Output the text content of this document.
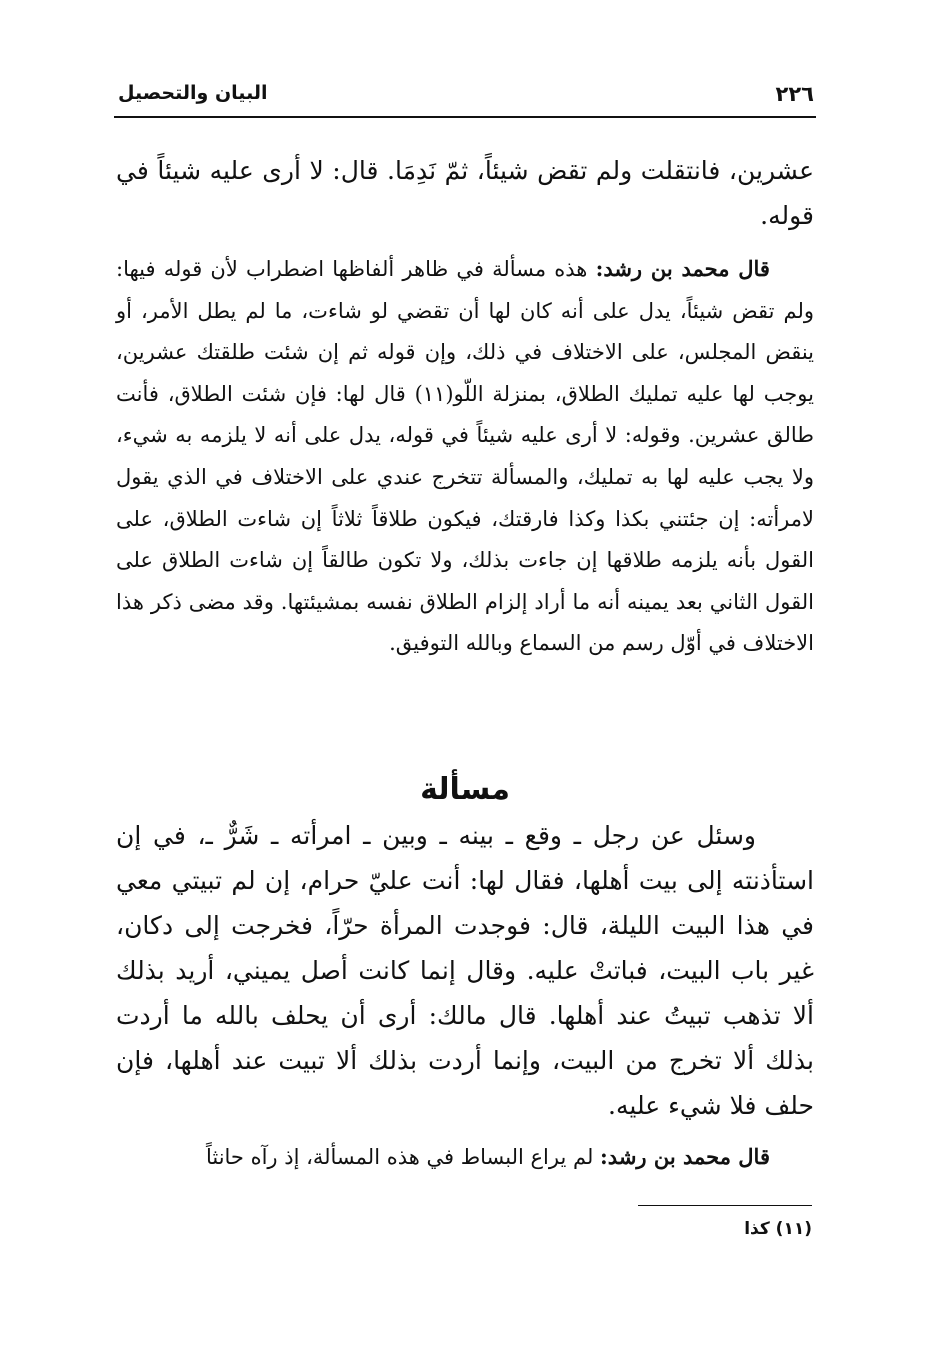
٢٢٦
البيان والتحصيل

عشرين، فانتقلت ولم تقض شيئاً، ثمّ نَدِمَا. قال: لا أرى عليه شيئاً في قوله.

قال محمد بن رشد: هذه مسألة في ظاهر ألفاظها اضطراب لأن قوله فيها: ولم تقض شيئاً، يدل على أنه كان لها أن تقضي لو شاءت، ما لم يطل الأمر، أو ينقض المجلس، على الاختلاف في ذلك، وإن قوله ثم إن شئت طلقتك عشرين، يوجب لها عليه تمليك الطلاق، بمنزلة اللّو(١١) قال لها: فإن شئت الطلاق، فأنت طالق عشرين. وقوله: لا أرى عليه شيئاً في قوله، يدل على أنه لا يلزمه به شيء، ولا يجب عليه لها به تمليك، والمسألة تتخرج عندي على الاختلاف في الذي يقول لامرأته: إن جئتني بكذا وكذا فارقتك، فيكون طلاقاً ثلاثاً إن شاءت الطلاق، على القول بأنه يلزمه طلاقها إن جاءت بذلك، ولا تكون طالقاً إن شاءت الطلاق على القول الثاني بعد يمينه أنه ما أراد إلزام الطلاق نفسه بمشيئتها. وقد مضى ذكر هذا الاختلاف في أوّل رسم من السماع وبالله التوفيق.

مسألة

وسئل عن رجل ـ وقع ـ بينه ـ وبين ـ امرأته ـ شَرٌّ ـ، في إن استأذنته إلى بيت أهلها، فقال لها: أنت عليّ حرام، إن لم تبيتي معي في هذا البيت الليلة، قال: فوجدت المرأة حرّاً، فخرجت إلى دكان، غير باب البيت، فباتتْ عليه. وقال إنما كانت أصل يميني، أريد بذلك ألا تذهب تبيتُ عند أهلها. قال مالك: أرى أن يحلف بالله ما أردت بذلك ألا تخرج من البيت، وإنما أردت بذلك ألا تبيت عند أهلها، فإن حلف فلا شيء عليه.

قال محمد بن رشد: لم يراع البساط في هذه المسألة، إذ رآه حانثاً

(١١) كذا
